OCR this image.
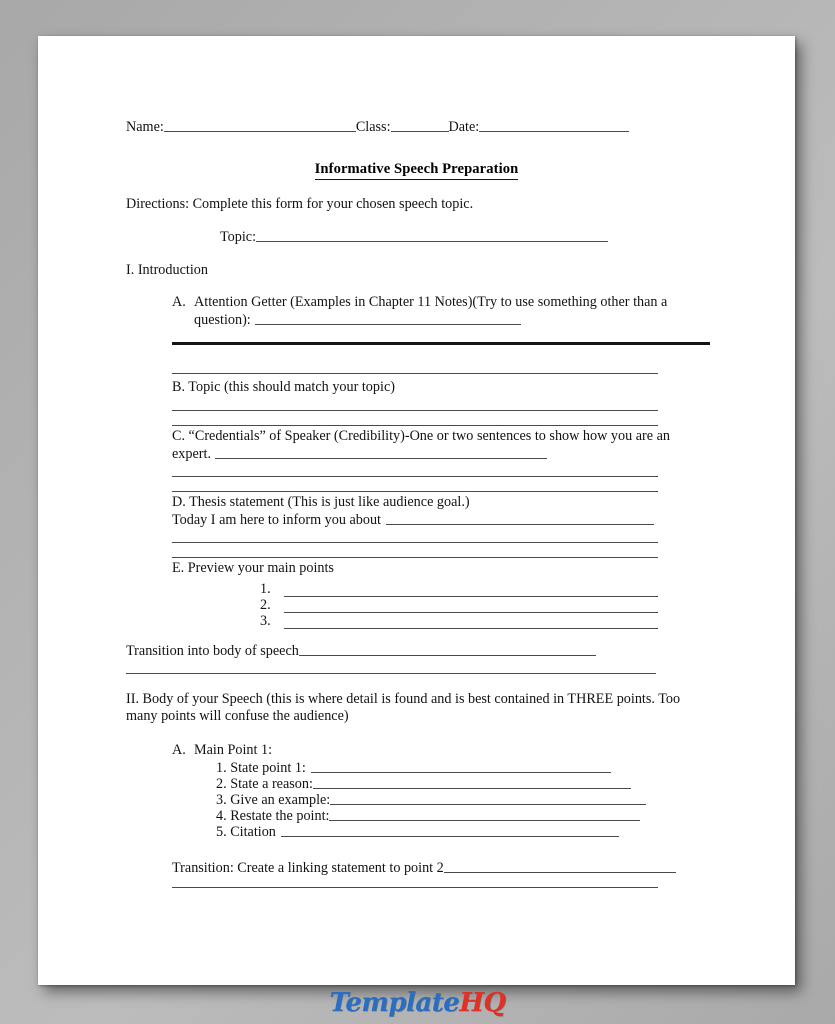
Name:	Class:	Date:
Informative Speech Preparation
Directions: Complete this form for your chosen speech topic.
Topic:
I. Introduction
A. Attention Getter (Examples in Chapter 11 Notes)(Try to use something other than a question):
B. Topic (this should match your topic)
C. “Credentials” of Speaker (Credibility)-One or two sentences to show how you are an expert.
D. Thesis statement (This is just like audience goal.)
Today I am here to inform you about
E. Preview your main points
1.
2.
3.
Transition into body of speech
II. Body of your Speech (this is where detail is found and is best contained in THREE points. Too many points will confuse the audience)
A. Main Point 1:
1. State point 1:
2. State a reason:
3. Give an example:
4. Restate the point:
5. Citation
Transition: Create a linking statement to point 2
TemplateHQ
